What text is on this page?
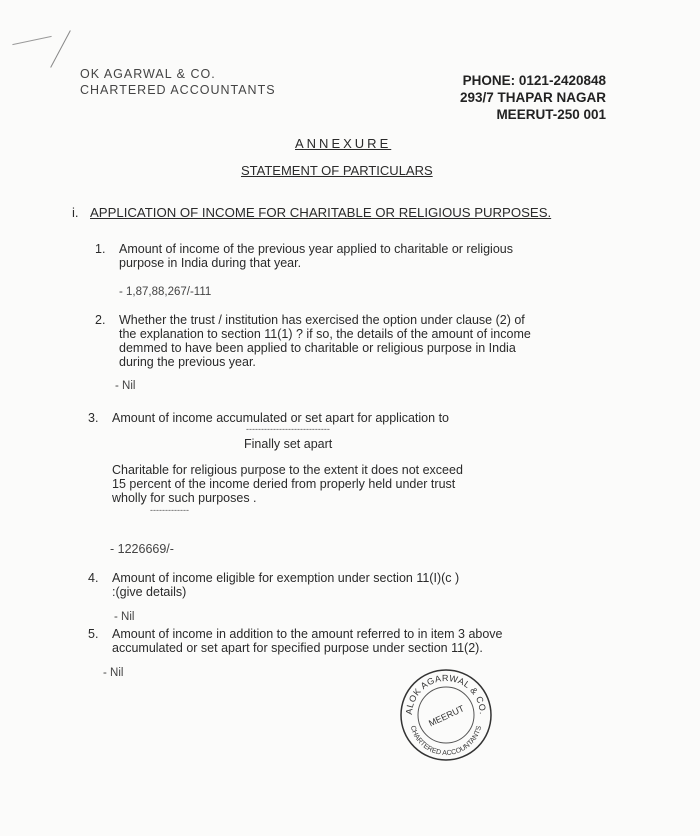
OK AGARWAL & CO.
CHARTERED ACCOUNTANTS
PHONE: 0121-2420848
293/7 THAPAR NAGAR
MEERUT-250 001
ANNEXURE
STATEMENT OF PARTICULARS
i. APPLICATION OF INCOME FOR CHARITABLE OR RELIGIOUS PURPOSES.
1. Amount of income of the previous year applied to charitable or religious
purpose in India during that year.
- 1,87,88,267/-111
2. Whether the trust / institution has exercised the option under clause (2) of
the explanation to section 11(1) ? if so, the details of the amount of income
demmed to have been applied to charitable or religious purpose in India
during the previous year.
- Nil
3. Amount of income accumulated or set apart for application to
----------------------------
Finally set apart
Charitable for religious purpose to the extent it does not exceed
15 percent of the income deried from properly held under trust
wholly for such purposes .
-------------
- 1226669/-
4. Amount of income eligible for exemption under section 11(I)(c )
:(give details)
- Nil
5. Amount of income in addition to the amount referred to in item 3 above
accumulated or set apart for specified purpose under section 11(2).
- Nil
ALOK AGARWAL & CO.
CHARTERED ACCOUNTANTS
MEERUT
